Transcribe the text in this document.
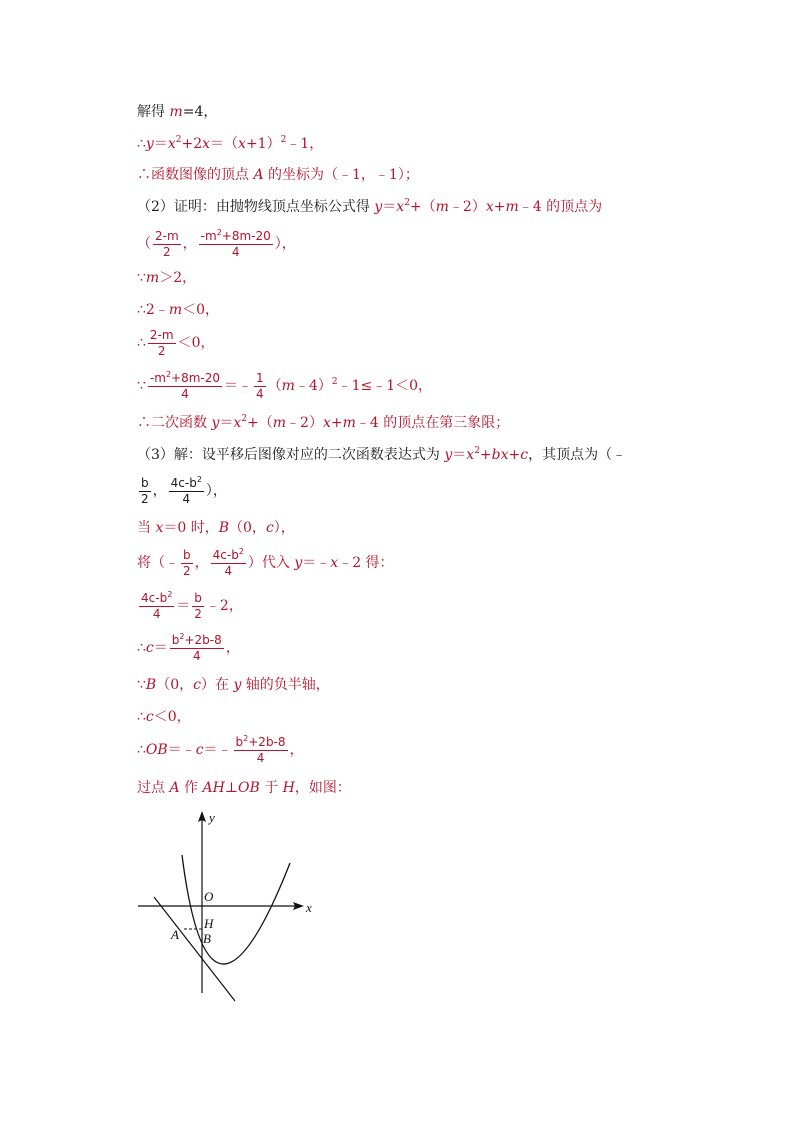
解得 m=4，
$\therefore y=x^2+2x=(x+1)^2﹣1$，
∴函数图像的顶点 A 的坐标为（﹣1，﹣1）；
（2）证明：由抛物线顶点坐标公式得 $y=x^2+(m﹣2)x+m﹣4$ 的顶点为
（ $\frac{2-m}{2}$ ， $\frac{-m^2+8m-20}{4}$ ），
∵m＞2，
∴2﹣m＜0，
∴ $\frac{2-m}{2} <0$，
∵ $\frac{-m^2+8m-20}{4}$ ＝﹣ $\frac{1}{4}$ （m﹣4）$^2$﹣1≤﹣1＜0，
∴二次函数 $y=x^2+(m﹣2)x+m﹣4$ 的顶点在第三象限；
（3）解：设平移后图像对应的二次函数表达式为 $y=x^2+bx+c$，其顶点为（﹣
$\frac{b}{2}$ ， $\frac{4c-b^2}{4}$ ），
当 x＝0 时，B（0，c），
将（﹣ $\frac{b}{2}$ ， $\frac{4c-b^2}{4}$ ）代入 y＝﹣x﹣2 得：
$\frac{4c-b^2}{4} = \frac{b}{2}$ ﹣2，
∴c＝ $\frac{b^2+2b-8}{4}$ ，
∵B（0，c）在 y 轴的负半轴，
∴c＜0，
∴OB＝﹣c＝﹣ $\frac{b^2+2b-8}{4}$ ，
过点 A 作 AH⊥OB 于 H，如图：
y
x
O
A
H
B
